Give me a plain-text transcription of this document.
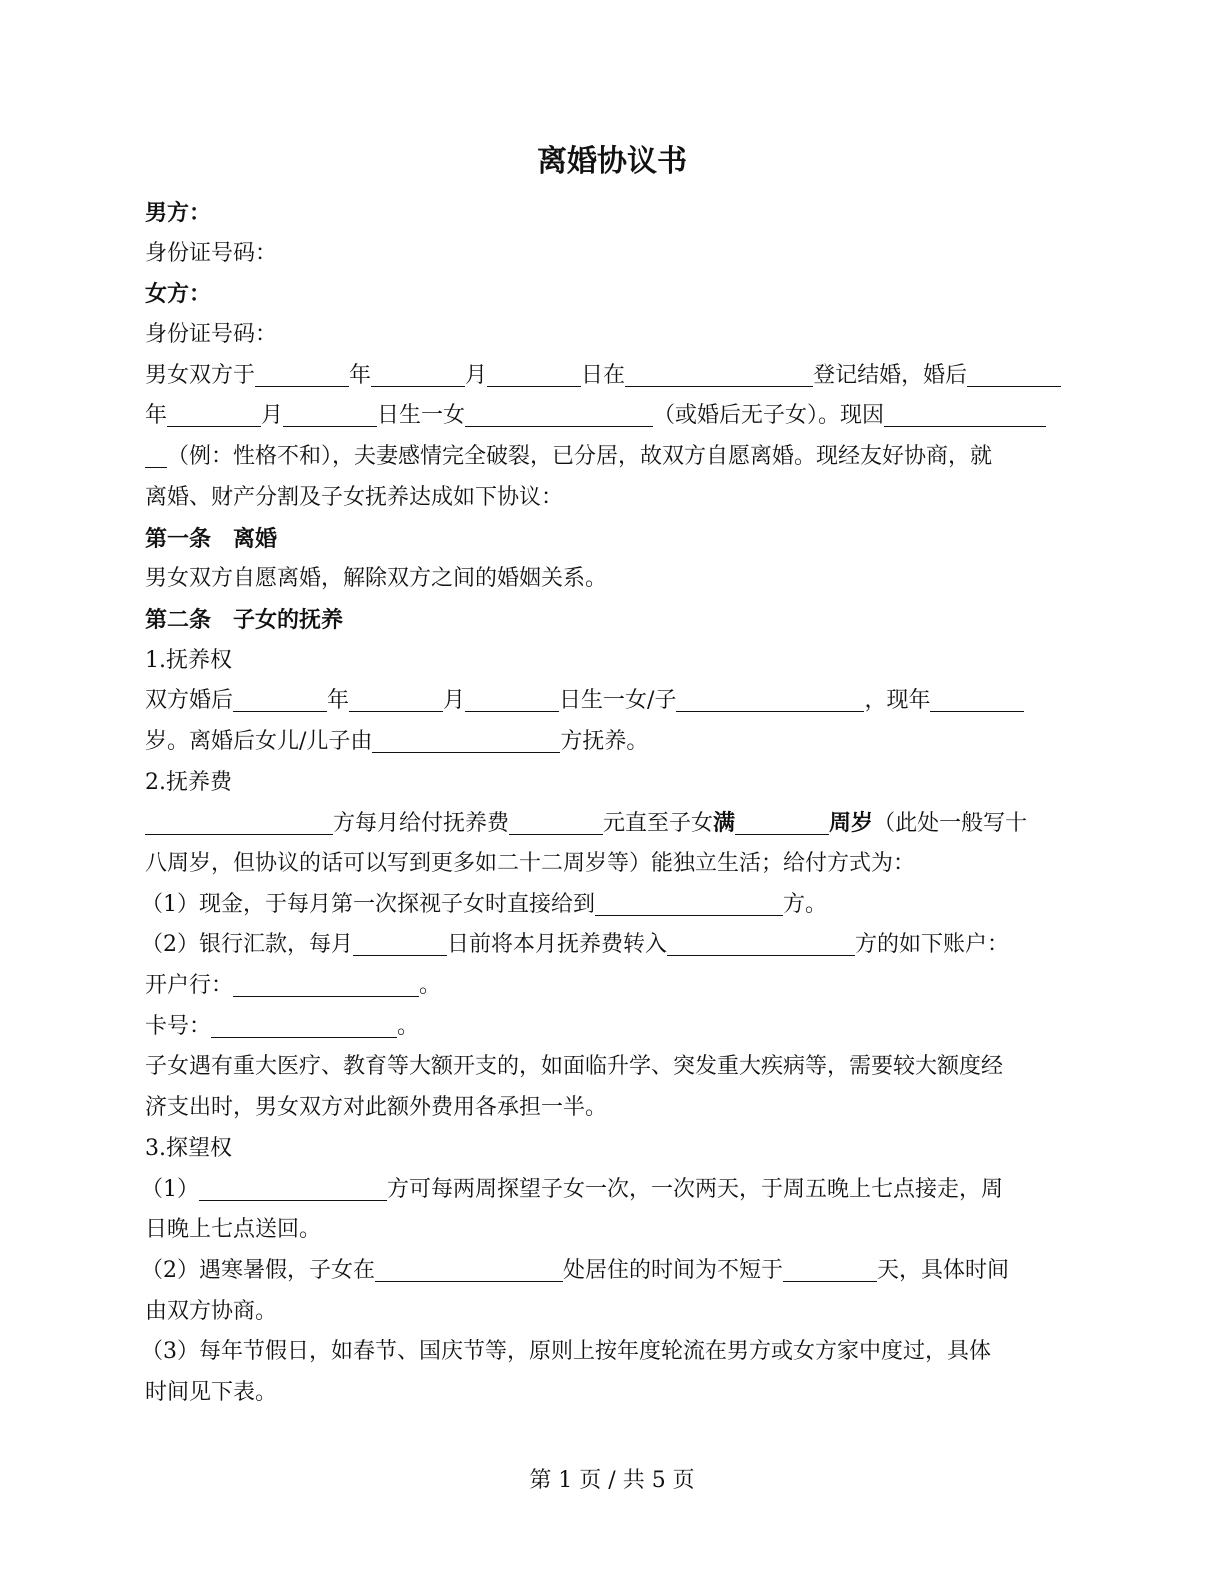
离婚协议书
男方：
身份证号码：
女方：
身份证号码：
男女双方于	年	月	日在	登记结婚，婚后
年	月	日生一女	（或婚后无子女）。现因
（例：性格不和），夫妻感情完全破裂，已分居，故双方自愿离婚。现经友好协商，就
离婚、财产分割及子女抚养达成如下协议：
第一条　离婚
男女双方自愿离婚，解除双方之间的婚姻关系。
第二条　子女的抚养
1.抚养权
双方婚后	年	月	日生一女/子	，现年
岁。离婚后女儿/儿子由	方抚养。
2.抚养费
方每月给付抚养费	元直至子女满	周岁（此处一般写十
八周岁，但协议的话可以写到更多如二十二周岁等）能独立生活；给付方式为：
（1）现金，于每月第一次探视子女时直接给到	方。
（2）银行汇款，每月	日前将本月抚养费转入	方的如下账户：
开户行：	。
卡号：	。
子女遇有重大医疗、教育等大额开支的，如面临升学、突发重大疾病等，需要较大额度经
济支出时，男女双方对此额外费用各承担一半。
3.探望权
（1）	方可每两周探望子女一次，一次两天，于周五晚上七点接走，周
日晚上七点送回。
（2）遇寒暑假，子女在	处居住的时间为不短于	天，具体时间
由双方协商。
（3）每年节假日，如春节、国庆节等，原则上按年度轮流在男方或女方家中度过，具体
时间见下表。
第 1 页 / 共 5 页
